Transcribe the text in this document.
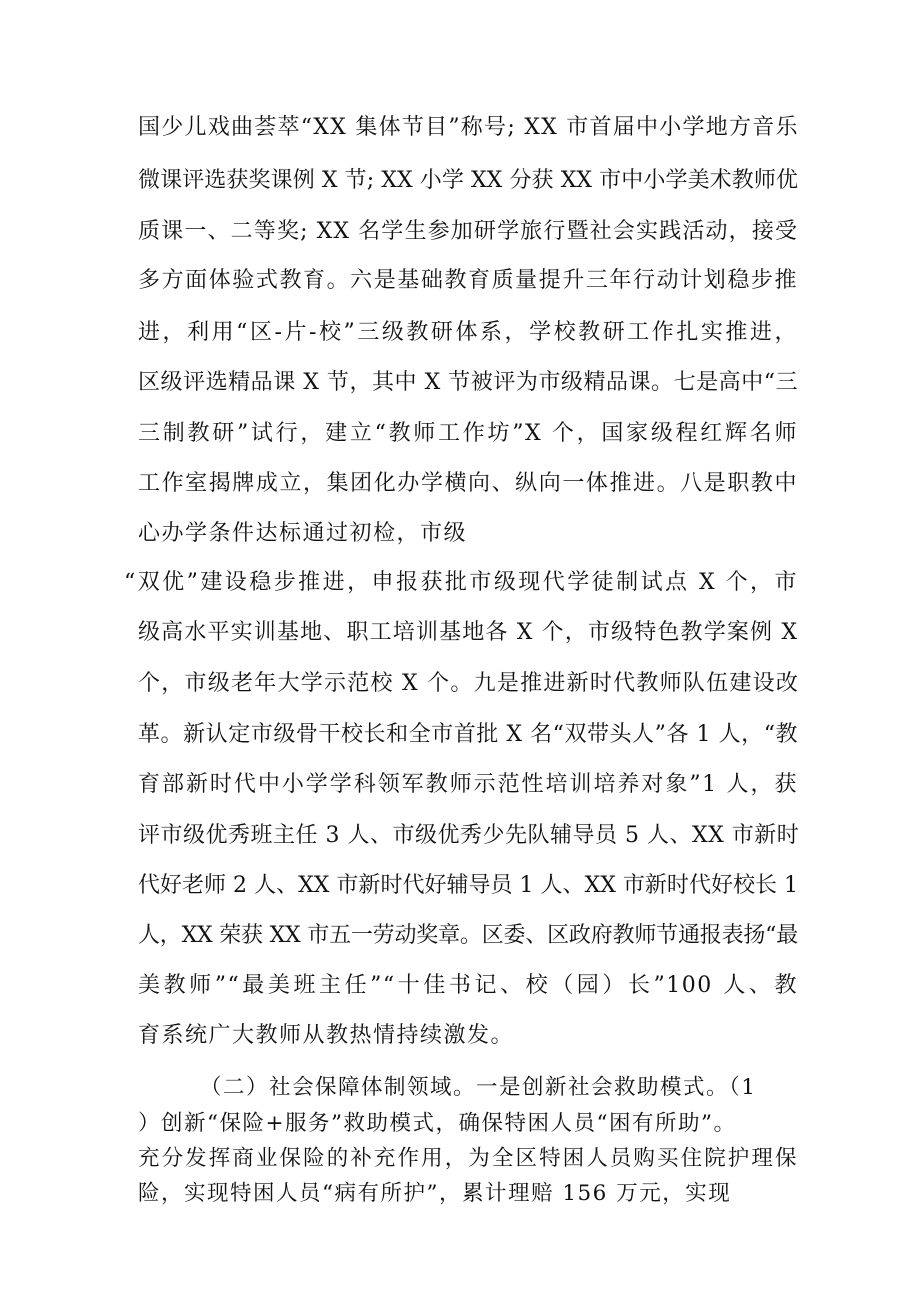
国少儿戏曲荟萃“XX 集体节目”称号; XX 市首届中小学地方音乐
微课评选获奖课例 X 节; XX 小学 XX 分获 XX 市中小学美术教师优
质课一、二等奖; XX 名学生参加研学旅行暨社会实践活动，接受
多方面体验式教育。六是基础教育质量提升三年行动计划稳步推
进，利用“区-片-校”三级教研体系，学校教研工作扎实推进，
区级评选精品课 X 节，其中 X 节被评为市级精品课。七是高中“三
三制教研”试行，建立“教师工作坊”X 个，国家级程红辉名师
工作室揭牌成立，集团化办学横向、纵向一体推进。八是职教中
心办学条件达标通过初检，市级
“双优”建设稳步推进，申报获批市级现代学徒制试点 X 个，市
级高水平实训基地、职工培训基地各 X 个，市级特色教学案例 X
个，市级老年大学示范校 X 个。九是推进新时代教师队伍建设改
革。新认定市级骨干校长和全市首批 X 名“双带头人”各 1 人，“教
育部新时代中小学学科领军教师示范性培训培养对象”1 人，获
评市级优秀班主任 3 人、市级优秀少先队辅导员 5 人、XX 市新时
代好老师 2 人、XX 市新时代好辅导员 1 人、XX 市新时代好校长 1
人，XX 荣获 XX 市五一劳动奖章。区委、区政府教师节通报表扬“最
美教师”“最美班主任”“十佳书记、校（园）长”100 人、教
育系统广大教师从教热情持续激发。
（二）社会保障体制领域。一是创新社会救助模式。（1
）创新“保险+服务”救助模式，确保特困人员“困有所助”。
充分发挥商业保险的补充作用，为全区特困人员购买住院护理保
险，实现特困人员“病有所护”，累计理赔 156 万元，实现
